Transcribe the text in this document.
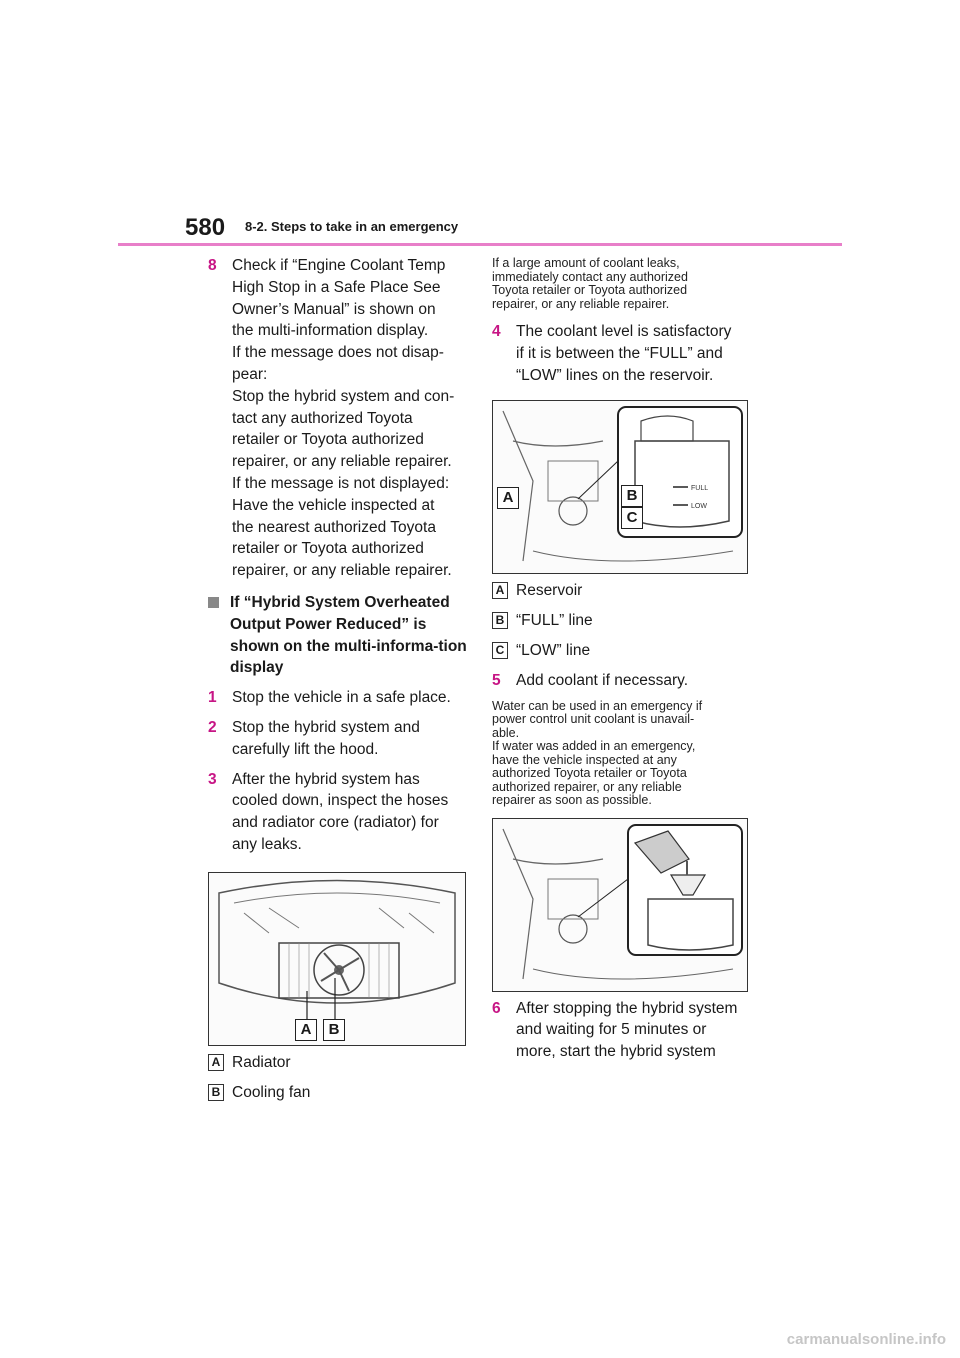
580 8-2. Steps to take in an emergency
8 Check if “Engine Coolant Temp
High Stop in a Safe Place See
Owner’s Manual” is shown on
the multi-information display.
If the message does not disap-
pear:
Stop the hybrid system and con-
tact any authorized Toyota
retailer or Toyota authorized
repairer, or any reliable repairer.
If the message is not displayed:
Have the vehicle inspected at
the nearest authorized Toyota
retailer or Toyota authorized
repairer, or any reliable repairer.
If “Hybrid System Overheated Output Power Reduced” is shown on the multi-informa-tion display
1 Stop the vehicle in a safe place.
2 Stop the hybrid system and
carefully lift the hood.
3 After the hybrid system has
cooled down, inspect the hoses
and radiator core (radiator) for
any leaks.
A	B
A Radiator
B Cooling fan
If a large amount of coolant leaks,
immediately contact any authorized
Toyota retailer or Toyota authorized
repairer, or any reliable repairer.
4 The coolant level is satisfactory
if it is between the “FULL” and
“LOW” lines on the reservoir.
FULL
LOW
A	B
C
A Reservoir
B “FULL” line
C “LOW” line
5 Add coolant if necessary.
Water can be used in an emergency if
power control unit coolant is unavail-
able.
If water was added in an emergency,
have the vehicle inspected at any
authorized Toyota retailer or Toyota
authorized repairer, or any reliable
repairer as soon as possible.
6 After stopping the hybrid system
and waiting for 5 minutes or
more, start the hybrid system
carmanualsonline.info
